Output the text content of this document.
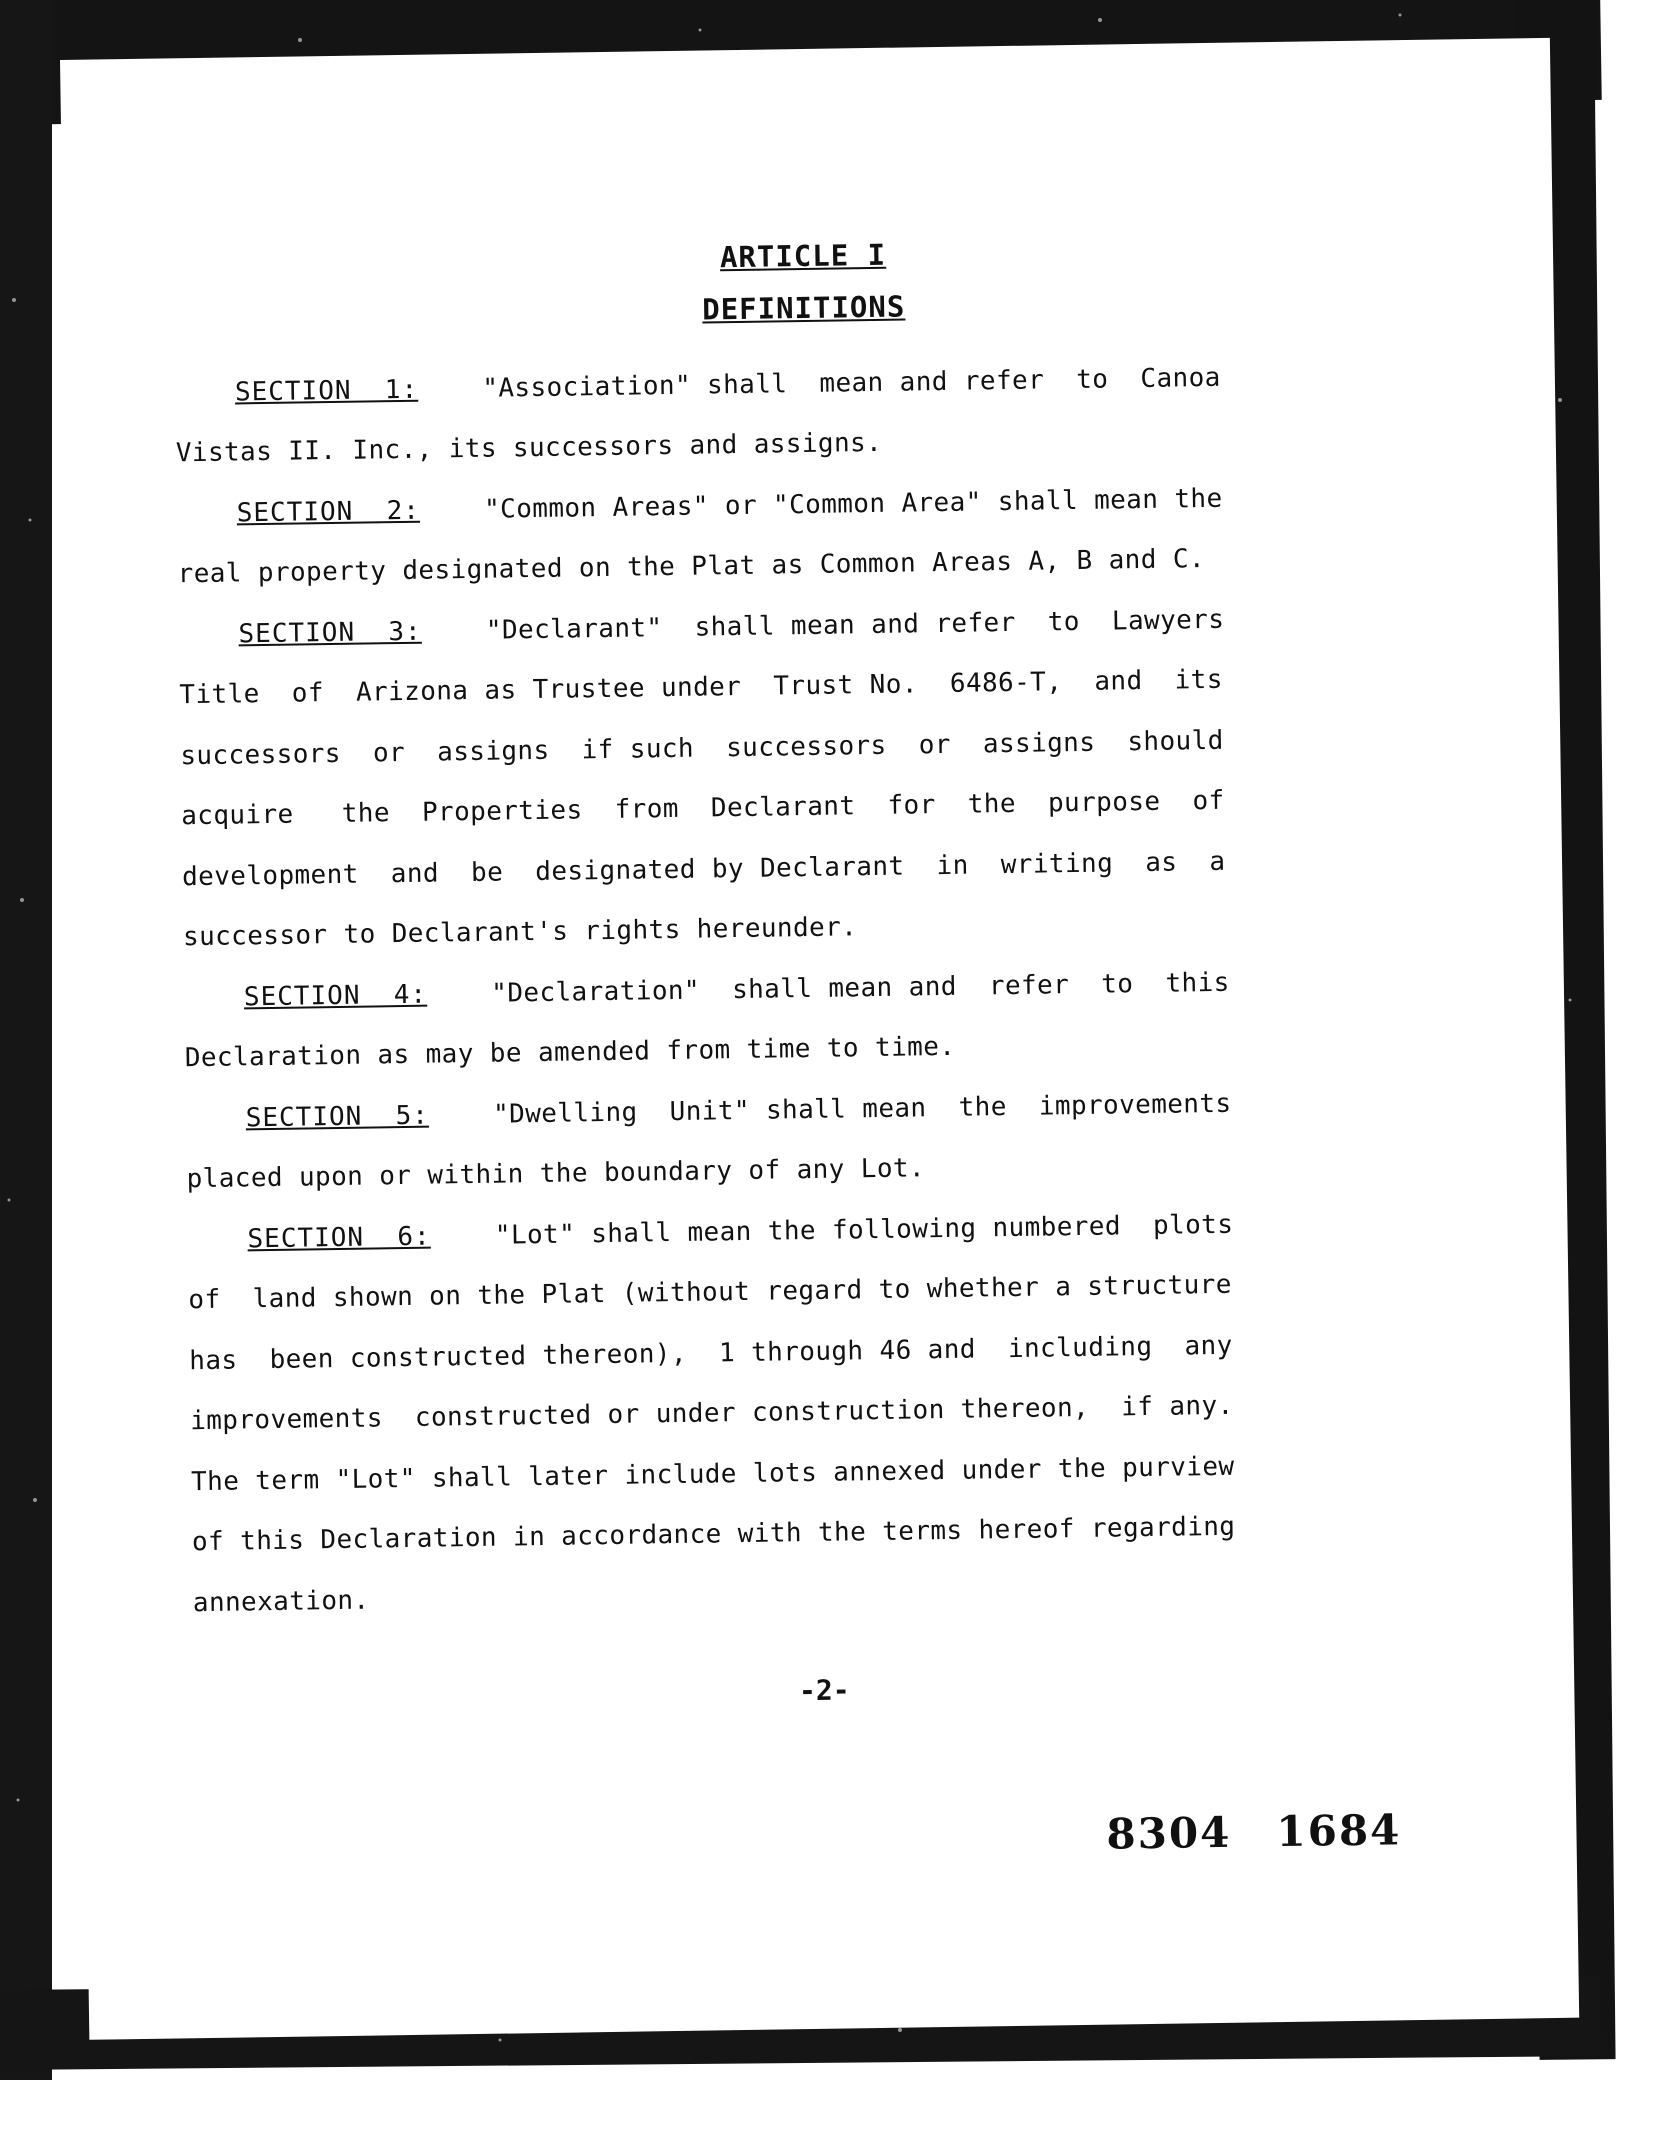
ARTICLE I
DEFINITIONS
SECTION  1: "Association" shall  mean and refer  to  Canoa
Vistas II. Inc., its successors and assigns.
SECTION  2: "Common Areas" or "Common Area" shall mean the
real property designated on the Plat as Common Areas A, B and C.
SECTION  3: "Declarant"  shall mean and refer  to  Lawyers
Title  of  Arizona as Trustee under  Trust No.  6486-T,  and  its
successors  or  assigns  if such  successors  or  assigns  should
acquire   the  Properties  from  Declarant  for  the  purpose  of
development  and  be  designated by Declarant  in  writing  as  a
successor to Declarant's rights hereunder.
SECTION  4: "Declaration"  shall mean and  refer  to  this
Declaration as may be amended from time to time.
SECTION  5: "Dwelling  Unit" shall mean  the  improvements
placed upon or within the boundary of any Lot.
SECTION  6: "Lot" shall mean the following numbered  plots
of  land shown on the Plat (without regard to whether a structure
has  been constructed thereon),  1 through 46 and  including  any
improvements  constructed or under construction thereon,  if any.
The term "Lot" shall later include lots annexed under the purview
of this Declaration in accordance with the terms hereof regarding
annexation.
-2-
8304 1684
